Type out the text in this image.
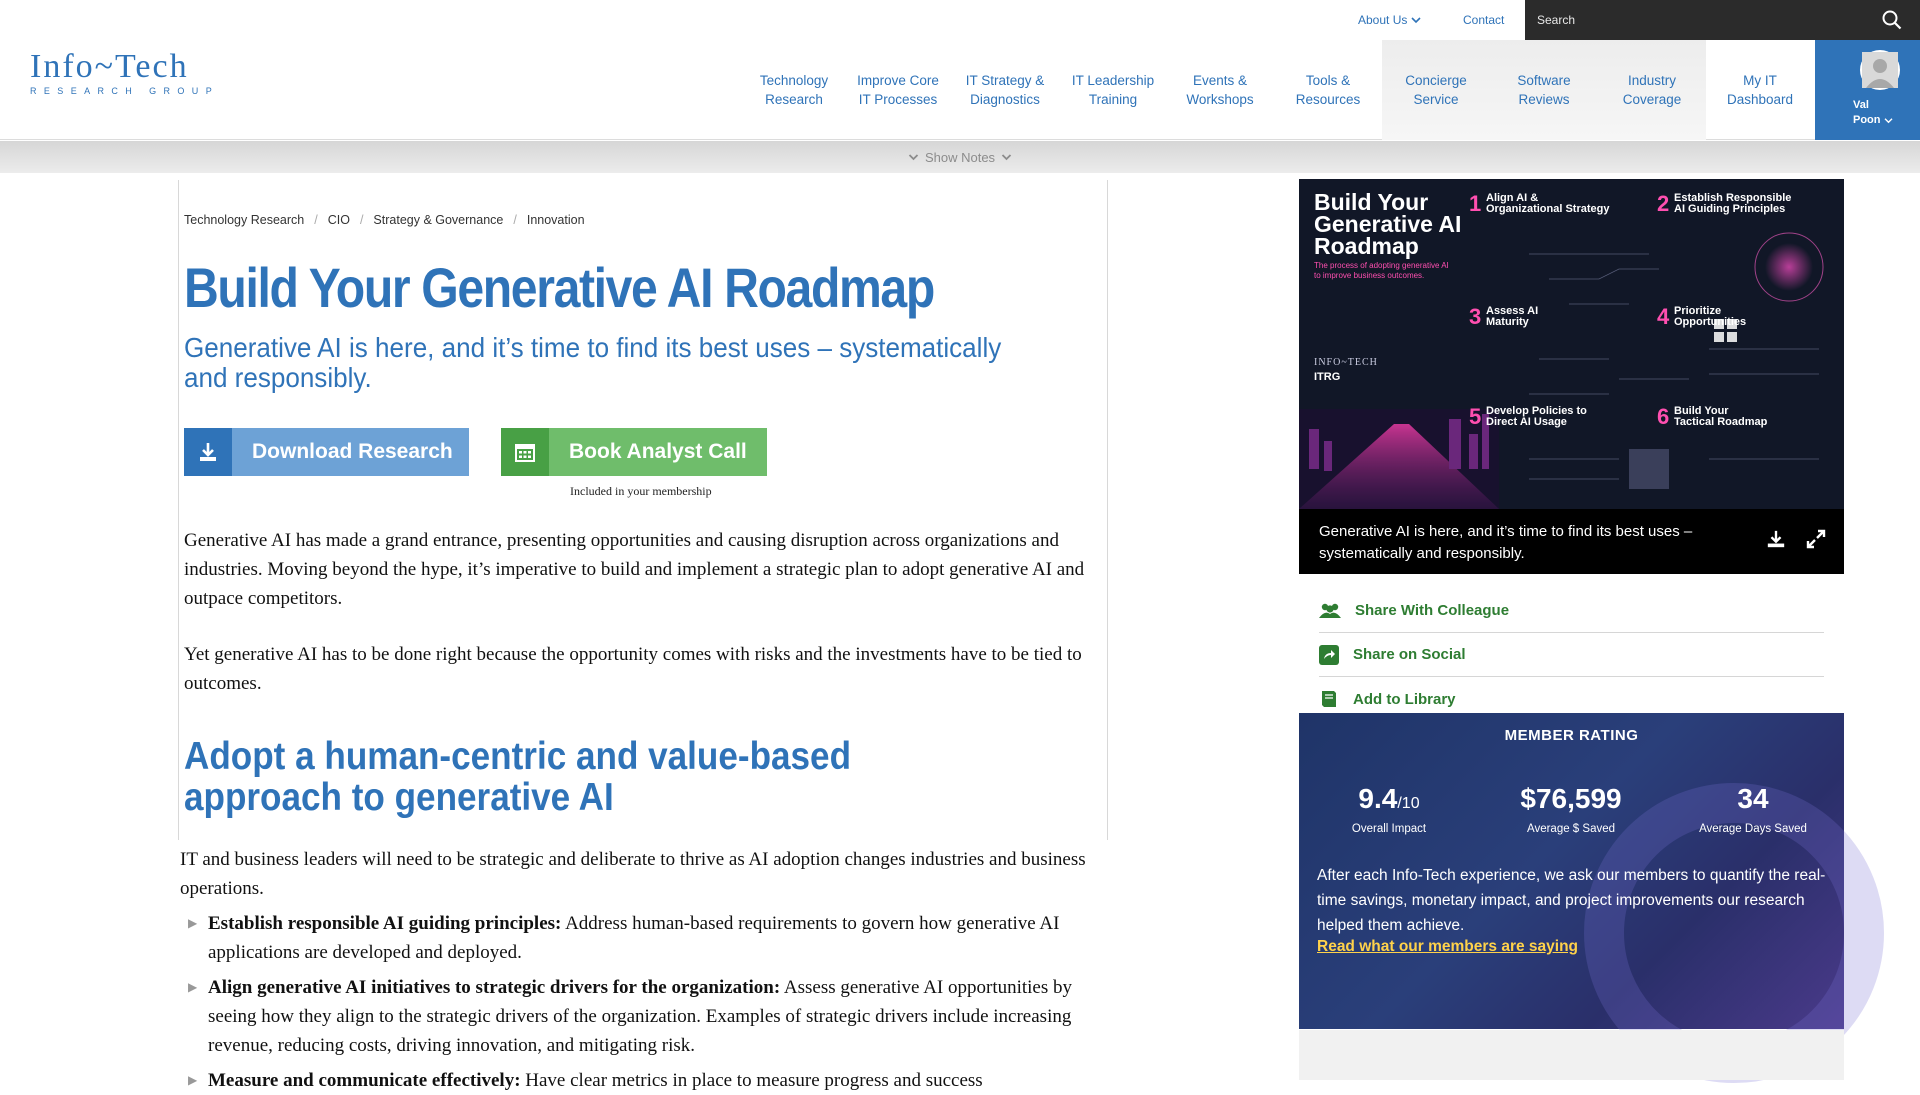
Info~Tech
RESEARCH GROUP
About Us	Contact
Search
Technology
Research
Improve Core
IT Processes
IT Strategy &
Diagnostics
IT Leadership
Training
Events &
Workshops
Tools &
Resources
Concierge
Service
Software
Reviews
Industry
Coverage
My IT
Dashboard	Val
Poon
Show Notes
Technology Research / CIO / Strategy & Governance / Innovation
Build Your Generative AI Roadmap
Generative AI is here, and it’s time to find its best uses – systematically and responsibly.
Download Research	Book Analyst Call
Included in your membership

Generative AI has made a grand entrance, presenting opportunities and causing disruption across organizations and industries. Moving beyond the hype, it’s imperative to build and implement a strategic plan to adopt generative AI and outpace competitors.

Yet generative AI has to be done right because the opportunity comes with risks and the investments have to be tied to outcomes.

Adopt a human-centric and value-based approach to generative AI

IT and business leaders will need to be strategic and deliberate to thrive as AI adoption changes industries and business operations.

▶ Establish responsible AI guiding principles: Address human-based requirements to govern how generative AI applications are developed and deployed.
▶ Align generative AI initiatives to strategic drivers for the organization: Assess generative AI opportunities by seeing how they align to the strategic drivers of the organization. Examples of strategic drivers include increasing revenue, reducing costs, driving innovation, and mitigating risk.
▶ Measure and communicate effectively: Have clear metrics in place to measure progress and success
Build Your
Generative AI
Roadmap
The process of adopting generative AI to improve business outcomes.
INFO~TECH
ITRG
1 Align AI &
Organizational Strategy	2 Establish Responsible
AI Guiding Principles
3 Assess AI
Maturity	4 Prioritize
Opportunities
5 Develop Policies to
Direct AI Usage	6 Build Your
Tactical Roadmap
Generative AI is here, and it’s time to find its best uses – systematically and responsibly.
Share With Colleague
Share on Social
Add to Library
MEMBER RATING
9.4/10
Overall Impact
$76,599
Average $ Saved
34
Average Days Saved
After each Info-Tech experience, we ask our members to quantify the real-time savings, monetary impact, and project improvements our research helped them achieve.
Read what our members are saying
